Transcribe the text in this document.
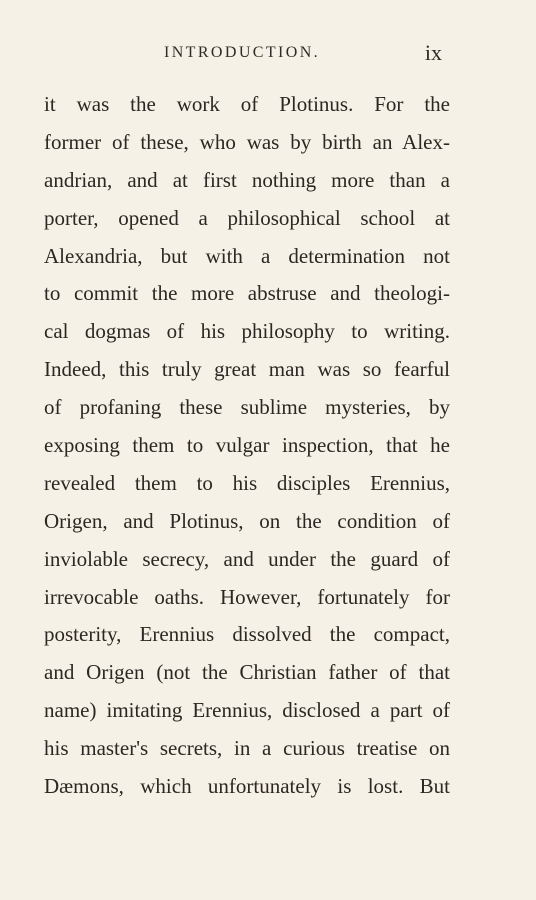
INTRODUCTION.	ix
it was the work of Plotinus. For the
former of these, who was by birth an Alex-
andrian, and at first nothing more than a
porter, opened a philosophical school at
Alexandria, but with a determination not
to commit the more abstruse and theologi-
cal dogmas of his philosophy to writing.
Indeed, this truly great man was so fearful
of profaning these sublime mysteries, by
exposing them to vulgar inspection, that he
revealed them to his disciples Erennius,
Origen, and Plotinus, on the condition of
inviolable secrecy, and under the guard of
irrevocable oaths. However, fortunately for
posterity, Erennius dissolved the compact,
and Origen (not the Christian father of that
name) imitating Erennius, disclosed a part of
his master's secrets, in a curious treatise on
Dæmons, which unfortunately is lost. But
